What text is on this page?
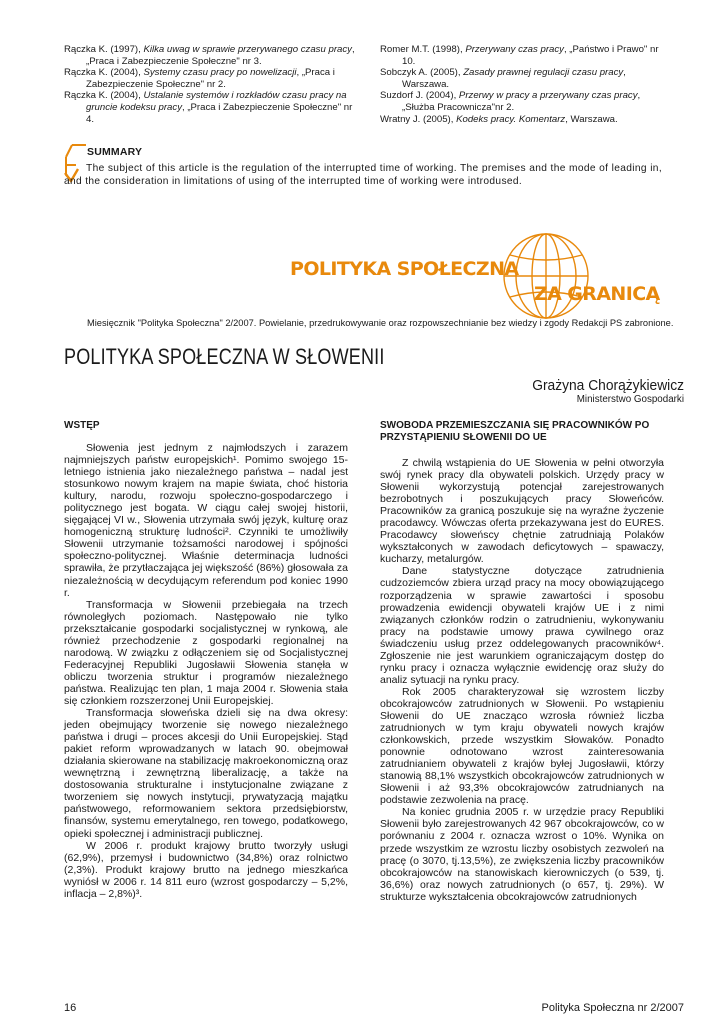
Rączka K. (1997), Kilka uwag w sprawie przerywanego czasu pracy, „Praca i Zabezpieczenie Społeczne" nr 3.

Rączka K. (2004), Systemy czasu pracy po nowelizacji, „Praca i Zabezpieczenie Społeczne" nr 2.

Rączka K. (2004), Ustalanie systemów i rozkładów czasu pracy na gruncie kodeksu pracy, „Praca i Zabezpieczenie Społeczne" nr 4.

Romer M.T. (1998), Przerywany czas pracy, „Państwo i Prawo" nr 10.

Sobczyk A. (2005), Zasady prawnej regulacji czasu pracy, Warszawa.

Suzdorf J. (2004), Przerwy w pracy a przerywany czas pracy, „Służba Pracownicza"nr 2.

Wratny J. (2005), Kodeks pracy. Komentarz, Warszawa.

SUMMARY
The subject of this article is the regulation of the interrupted time of working. The premises and the mode of leading in, and the consideration in limitations of using of the interrupted time of working were introdused.
POLITYKA SPOŁECZNA
ZA GRANICĄ
Miesięcznik "Polityka Społeczna" 2/2007. Powielanie, przedrukowywanie oraz rozpowszechnianie bez wiedzy i zgody Redakcji PS zabronione.
POLITYKA SPOŁECZNA W SŁOWENII
Grażyna Chorążykiewicz
Ministerstwo Gospodarki
WSTĘP

Słowenia jest jednym z najmłodszych i zarazem najmniejszych państw europejskich¹. Pomimo swojego 15-letniego istnienia jako niezależnego państwa – nadal jest stosunkowo nowym krajem na mapie świata, choć historia kultury, narodu, rozwoju społeczno-gospodarczego i politycznego jest bogata. W ciągu całej swojej historii, sięgającej VI w., Słowenia utrzymała swój język, kulturę oraz homogeniczną strukturę ludności². Czynniki te umożliwiły Słowenii utrzymanie tożsamości narodowej i spójności społeczno-politycznej. Właśnie determinacja ludności sprawiła, że przytłaczająca jej większość (86%) głosowała za niezależnością w decydującym referendum pod koniec 1990 r.

Transformacja w Słowenii przebiegała na trzech równoległych poziomach. Następowało nie tylko przekształcanie gospodarki socjalistycznej w rynkową, ale również przechodzenie z gospodarki regionalnej na narodową. W związku z odłączeniem się od Socjalistycznej Federacyjnej Republiki Jugosławii Słowenia stanęła w obliczu tworzenia struktur i programów niezależnego państwa. Realizując ten plan, 1 maja 2004 r. Słowenia stała się członkiem rozszerzonej Unii Europejskiej.

Transformacja słoweńska dzieli się na dwa okresy: jeden obejmujący tworzenie się nowego niezależnego państwa i drugi – proces akcesji do Unii Europejskiej. Stąd pakiet reform wprowadzanych w latach 90. obejmował działania skierowane na stabilizację makroekonomiczną oraz wewnętrzną i zewnętrzną liberalizację, a także na dostosowania strukturalne i instytucjonalne związane z tworzeniem się nowych instytucji, prywatyzacją majątku państwowego, reformowaniem sektora przedsiębiorstw, finansów, systemu emerytalnego, ren towego, podatkowego, opieki społecznej i administracji publicznej.

W 2006 r. produkt krajowy brutto tworzyły usługi (62,9%), przemysł i budownictwo (34,8%) oraz rolnictwo (2,3%). Produkt krajowy brutto na jednego mieszkańca wyniósł w 2006 r. 14 811 euro (wzrost gospodarczy – 5,2%, inflacja – 2,8%)³.

SWOBODA PRZEMIESZCZANIA SIĘ PRACOWNIKÓW PO PRZYSTĄPIENIU SŁOWENII DO UE

Z chwilą wstąpienia do UE Słowenia w pełni otworzyła swój rynek pracy dla obywateli polskich. Urzędy pracy w Słowenii wykorzystują potencjał zarejestrowanych bezrobotnych i poszukujących pracy Słoweńców. Pracowników za granicą poszukuje się na wyraźne życzenie pracodawcy. Wówczas oferta przekazywana jest do EURES. Pracodawcy słoweńscy chętnie zatrudniają Polaków wykształconych w zawodach deficytowych – spawaczy, kucharzy, metalurgów.

Dane statystyczne dotyczące zatrudnienia cudzoziemców zbiera urząd pracy na mocy obowiązującego rozporządzenia w sprawie zawartości i sposobu prowadzenia ewidencji obywateli krajów UE i z nimi związanych członków rodzin o zatrudnieniu, wykonywaniu pracy na podstawie umowy prawa cywilnego oraz świadczeniu usług przez oddelegowanych pracowników⁴. Zgłoszenie nie jest warunkiem ograniczającym dostęp do rynku pracy i oznacza wyłącznie ewidencję oraz służy do analiz sytuacji na rynku pracy.

Rok 2005 charakteryzował się wzrostem liczby obcokrajowców zatrudnionych w Słowenii. Po wstąpieniu Słowenii do UE znacząco wzrosła również liczba zatrudnionych w tym kraju obywateli nowych krajów członkowskich, przede wszystkim Słowaków. Ponadto ponownie odnotowano wzrost zainteresowania zatrudnianiem obywateli z krajów byłej Jugosławii, którzy stanowią 88,1% wszystkich obcokrajowców zatrudnionych w Słowenii i aż 93,3% obcokrajowców zatrudnianych na podstawie zezwolenia na pracę.

Na koniec grudnia 2005 r. w urzędzie pracy Republiki Słowenii było zarejestrowanych 42 967 obcokrajowców, co w porównaniu z 2004 r. oznacza wzrost o 10%. Wynika on przede wszystkim ze wzrostu liczby osobistych zezwoleń na pracę (o 3070, tj.13,5%), ze zwiększenia liczby pracowników obcokrajowców na stanowiskach kierowniczych (o 539, tj. 36,6%) oraz nowych zatrudnionych (o 657, tj. 29%). W strukturze wykształcenia obcokrajowców zatrudnionych

16	Polityka Społeczna nr 2/2007
